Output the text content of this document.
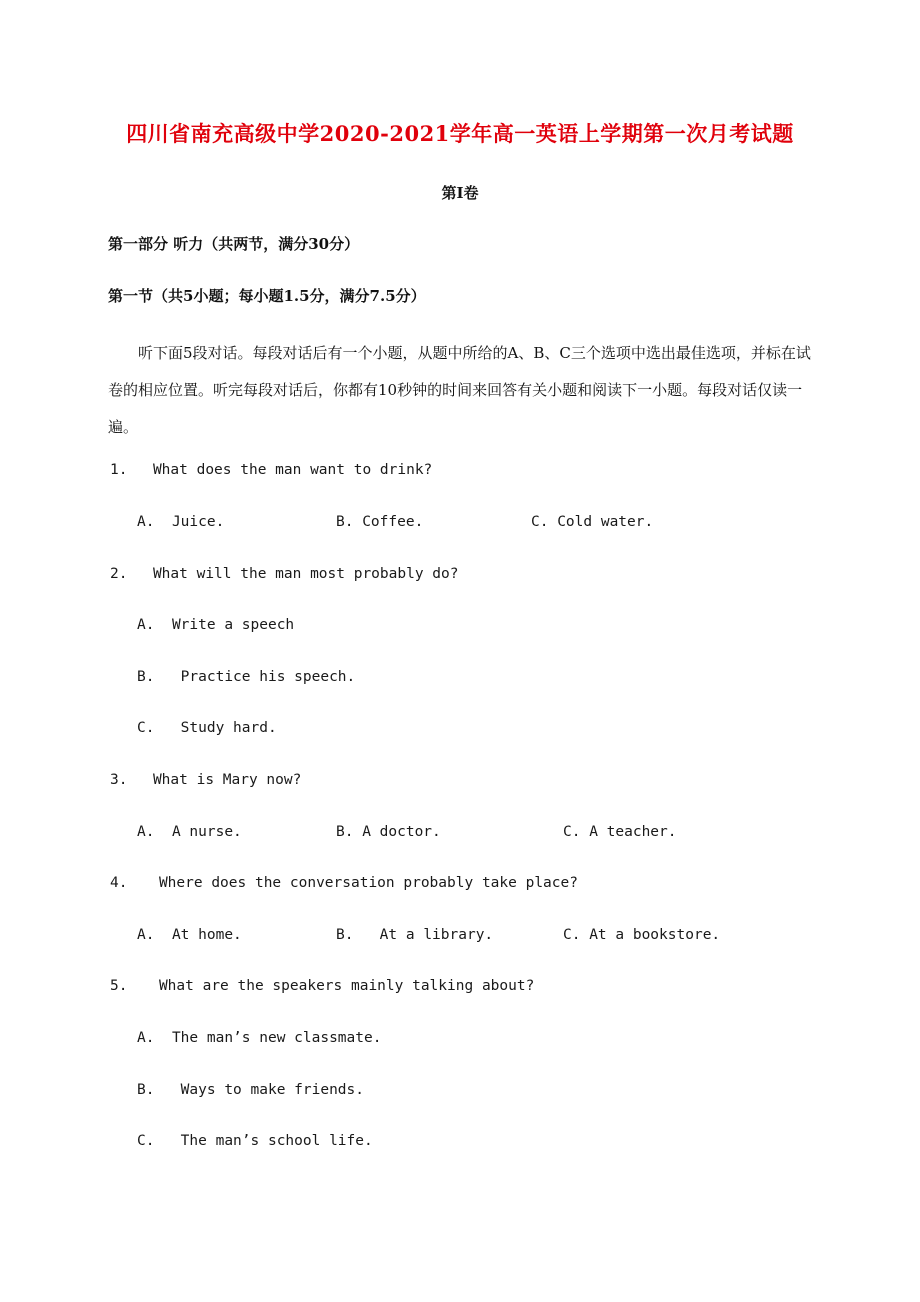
四川省南充高级中学2020-2021学年高一英语上学期第一次月考试题
第I卷
第一部分 听力（共两节，满分30分）
第一节（共5小题；每小题1.5分，满分7.5分）
听下面5段对话。每段对话后有一个小题，从题中所给的A、B、C三个选项中选出最佳选项，并标在试卷的相应位置。听完每段对话后，你都有10秒钟的时间来回答有关小题和阅读下一小题。每段对话仅读一遍。
1. What does the man want to drink?
A. Juice.	B. Coffee.	C. Cold water.
2. What will the man most probably do?
A. Write a speech
B. Practice his speech.
C. Study hard.
3. What is Mary now?
A. A nurse.	B. A doctor.	C. A teacher.
4. Where does the conversation probably take place?
A. At home.	B. At a library.	C. At a bookstore.
5. What are the speakers mainly talking about?
A. The man’s new classmate.
B. Ways to make friends.
C. The man’s school life.
